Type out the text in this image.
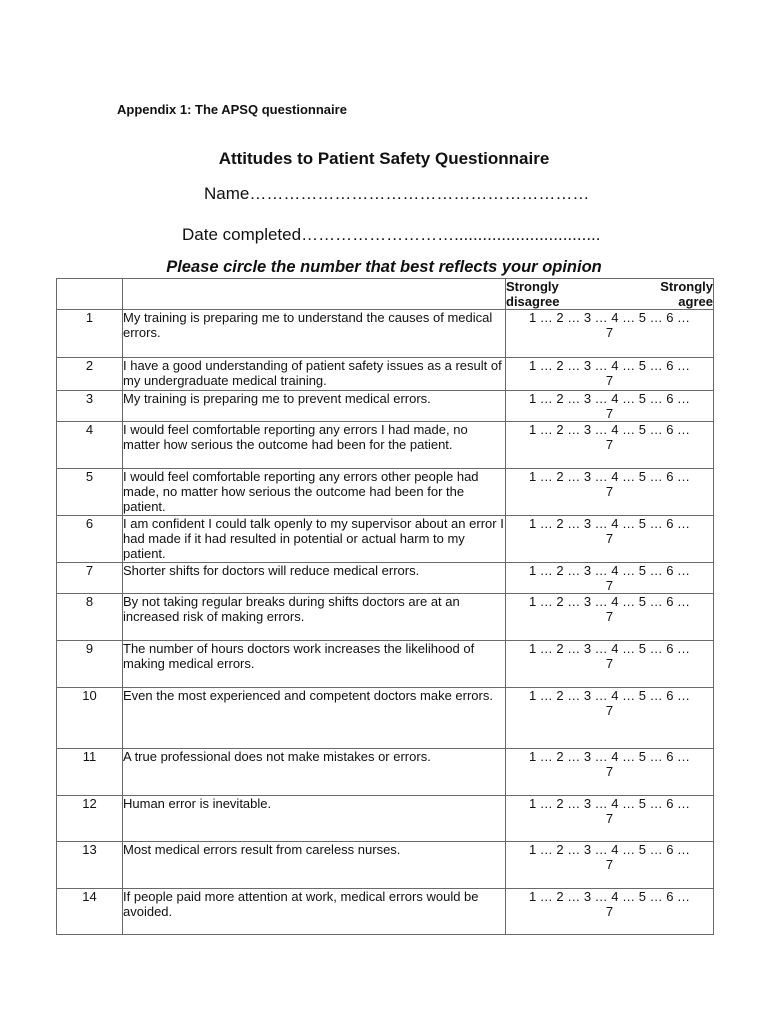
Appendix 1: The APSQ questionnaire
Attitudes to Patient Safety Questionnaire
Name……………………………………………………
Date completed………………………...............................
Please circle the number that best reflects your opinion

		Strongly Strongly
disagree agree

1	My training is preparing me to understand the causes of medical errors.	1 … 2 … 3 … 4 … 5 … 6 …
7

2	I have a good understanding of patient safety issues as a result of my undergraduate medical training.	1 … 2 … 3 … 4 … 5 … 6 …
7

3	My training is preparing me to prevent medical errors.	1 … 2 … 3 … 4 … 5 … 6 …
7

4	I would feel comfortable reporting any errors I had made, no matter how serious the outcome had been for the patient.	1 … 2 … 3 … 4 … 5 … 6 …
7

5	I would feel comfortable reporting any errors other people had made, no matter how serious the outcome had been for the patient.	1 … 2 … 3 … 4 … 5 … 6 …
7

6	I am confident I could talk openly to my supervisor about an error I had made if it had resulted in potential or actual harm to my patient.	1 … 2 … 3 … 4 … 5 … 6 …
7

7	Shorter shifts for doctors will reduce medical errors.	1 … 2 … 3 … 4 … 5 … 6 …
7

8	By not taking regular breaks during shifts doctors are at an increased risk of making errors.	1 … 2 … 3 … 4 … 5 … 6 …
7

9	The number of hours doctors work increases the likelihood of making medical errors.	1 … 2 … 3 … 4 … 5 … 6 …
7

10	Even the most experienced and competent doctors make errors.	1 … 2 … 3 … 4 … 5 … 6 …
7

11	A true professional does not make mistakes or errors.	1 … 2 … 3 … 4 … 5 … 6 …
7

12	Human error is inevitable.	1 … 2 … 3 … 4 … 5 … 6 …
7

13	Most medical errors result from careless nurses.	1 … 2 … 3 … 4 … 5 … 6 …
7

14	If people paid more attention at work, medical errors would be avoided.	1 … 2 … 3 … 4 … 5 … 6 …
7
